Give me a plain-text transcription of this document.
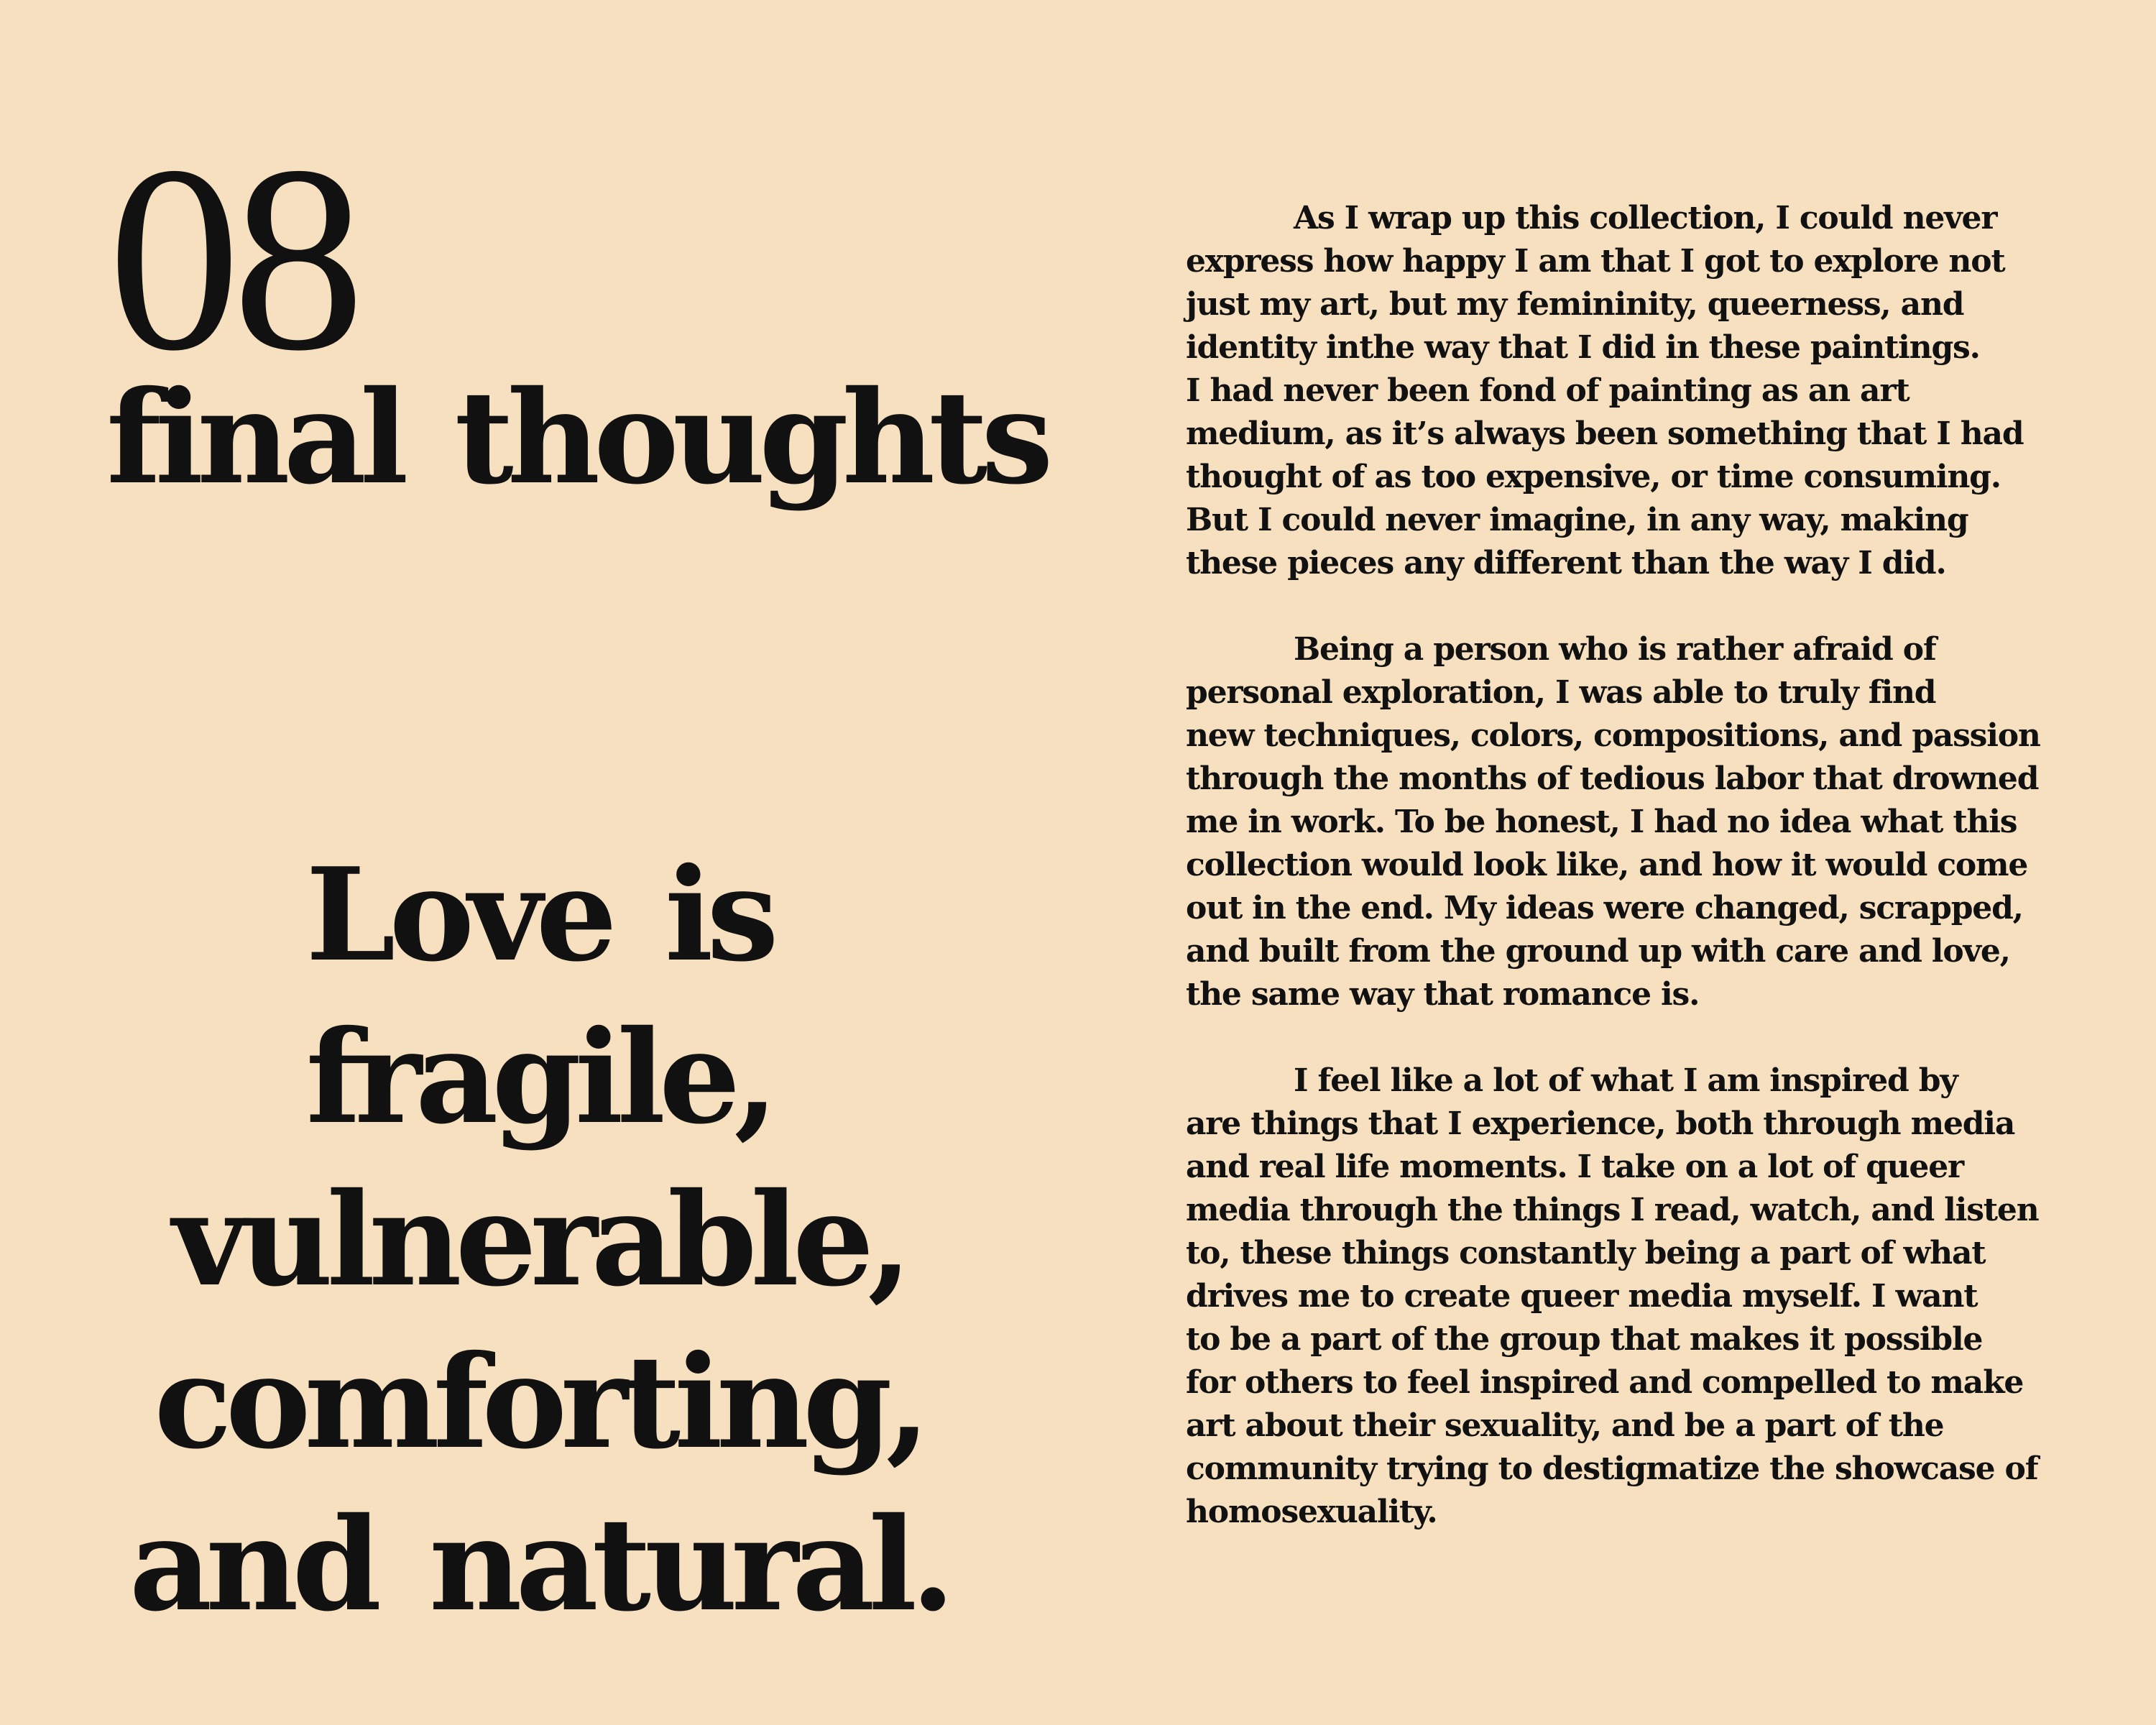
08
final thoughts
Love is
fragile,
vulnerable,
comforting,
and natural.
As I wrap up this collection, I could never
express how happy I am that I got to explore not
just my art, but my femininity, queerness, and
identity inthe way that I did in these paintings.
I had never been fond of painting as an art
medium, as it’s always been something that I had
thought of as too expensive, or time consuming.
But I could never imagine, in any way, making
these pieces any different than the way I did.
Being a person who is rather afraid of
personal exploration, I was able to truly find
new techniques, colors, compositions, and passion
through the months of tedious labor that drowned
me in work. To be honest, I had no idea what this
collection would look like, and how it would come
out in the end. My ideas were changed, scrapped,
and built from the ground up with care and love,
the same way that romance is.
I feel like a lot of what I am inspired by
are things that I experience, both through media
and real life moments. I take on a lot of queer
media through the things I read, watch, and listen
to, these things constantly being a part of what
drives me to create queer media myself. I want
to be a part of the group that makes it possible
for others to feel inspired and compelled to make
art about their sexuality, and be a part of the
community trying to destigmatize the showcase of
homosexuality.
